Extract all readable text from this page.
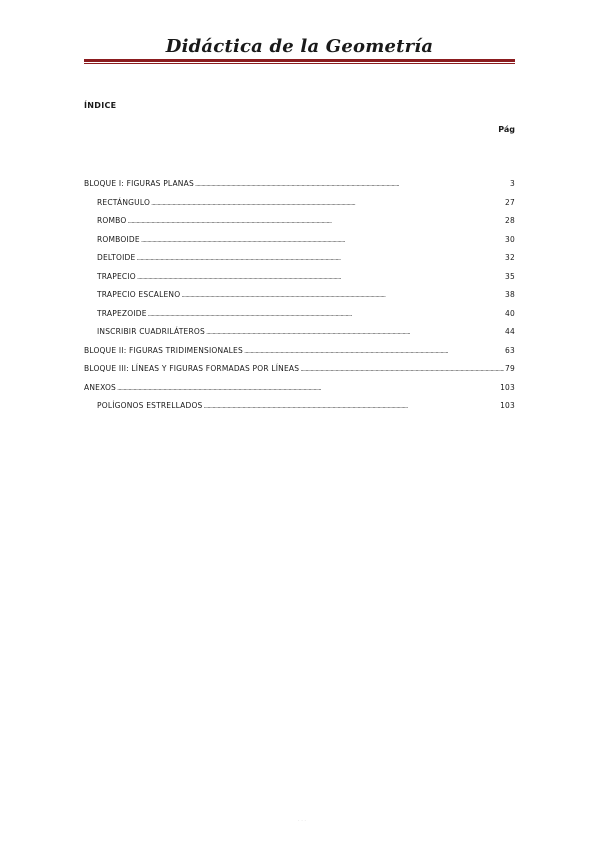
Didáctica de la Geometría
ÍNDICE
Pág
BLOQUE I: FIGURAS PLANAS . . .	3
RECTÁNGULO . . .	27
ROMBO . . .	28
ROMBOIDE . . .	30
DELTOIDE . . .	32
TRAPECIO . . .	35
TRAPECIO ESCALENO . . .	38
TRAPEZOIDE . . .	40
INSCRIBIR CUADRILÁTEROS . . .	44
BLOQUE II: FIGURAS TRIDIMENSIONALES . . .	63
BLOQUE III: LÍNEAS Y FIGURAS FORMADAS POR LÍNEAS . . .	79
ANEXOS . . .	103
POLÍGONOS ESTRELLADOS . . .	103
· · ·
